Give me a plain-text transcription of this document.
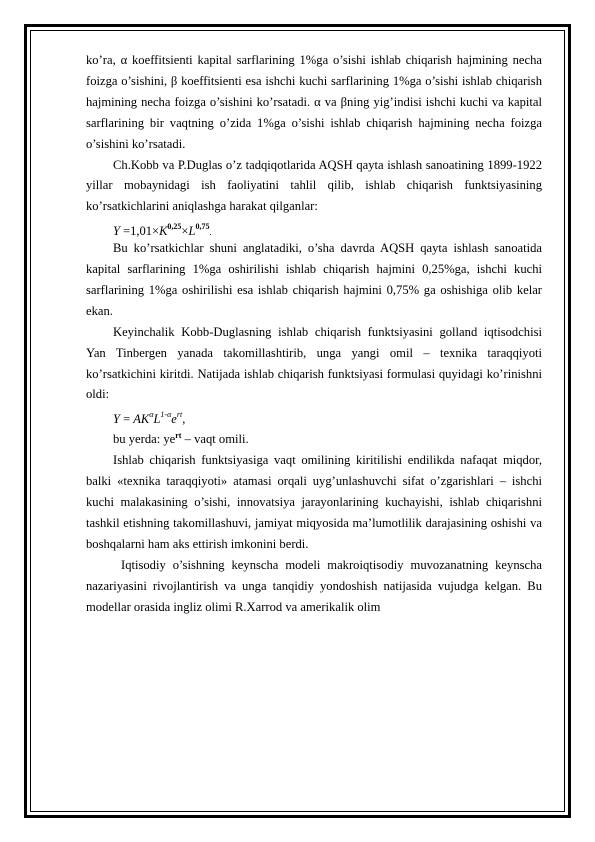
ko’ra, α koeffitsienti kapital sarflarining 1%ga o’sishi ishlab chiqarish hajmining necha foizga o’sishini, β koeffitsienti esa ishchi kuchi sarflarining 1%ga o’sishi ishlab chiqarish hajmining necha foizga o’sishini ko’rsatadi. α va βning yig’indisi ishchi kuchi va kapital sarflarining bir vaqtning o’zida 1%ga o’sishi ishlab chiqarish hajmining necha foizga o’sishini ko’rsatadi.

Ch.Kobb va P.Duglas o’z tadqiqotlarida AQSH qayta ishlash sanoatining 1899-1922 yillar mobaynidagi ish faoliyatini tahlil qilib, ishlab chiqarish funktsiyasining ko’rsatkichlarini aniqlashga harakat qilganlar:

$Y =1,01\times K^{0,25}\times L^{0,75}$.

Bu ko’rsatkichlar shuni anglatadiki, o’sha davrda AQSH qayta ishlash sanoatida kapital sarflarining 1%ga oshirilishi ishlab chiqarish hajmini 0,25%ga, ishchi kuchi sarflarining 1%ga oshirilishi esa ishlab chiqarish hajmini 0,75% ga oshishiga olib kelar ekan.

Keyinchalik Kobb-Duglasning ishlab chiqarish funktsiyasini golland iqtisodchisi Yan Tinbergen yanada takomillashtirib, unga yangi omil – texnika taraqqiyoti ko’rsatkichini kiritdi. Natijada ishlab chiqarish funktsiyasi formulasi quyidagi ko’rinishni oldi:

$Y = AK^\alpha L^{1-\alpha}e^{rt}$,

bu yerda: $ye^{rt}$ – vaqt omili.

Ishlab chiqarish funktsiyasiga vaqt omilining kiritilishi endilikda nafaqat miqdor, balki «texnika taraqqiyoti» atamasi orqali uyg’unlashuvchi sifat o’zgarishlari – ishchi kuchi malakasining o’sishi, innovatsiya jarayonlarining kuchayishi, ishlab chiqarishni tashkil etishning takomillashuvi, jamiyat miqyosida ma’lumotlilik darajasining oshishi va boshqalarni ham aks ettirish imkonini berdi.

Iqtisodiy o’sishning keynscha modeli makroiqtisodiy muvozanatning keynscha nazariyasini rivojlantirish va unga tanqidiy yondoshish natijasida vujudga kelgan. Bu modellar orasida ingliz olimi R.Xarrod va amerikalik olim
